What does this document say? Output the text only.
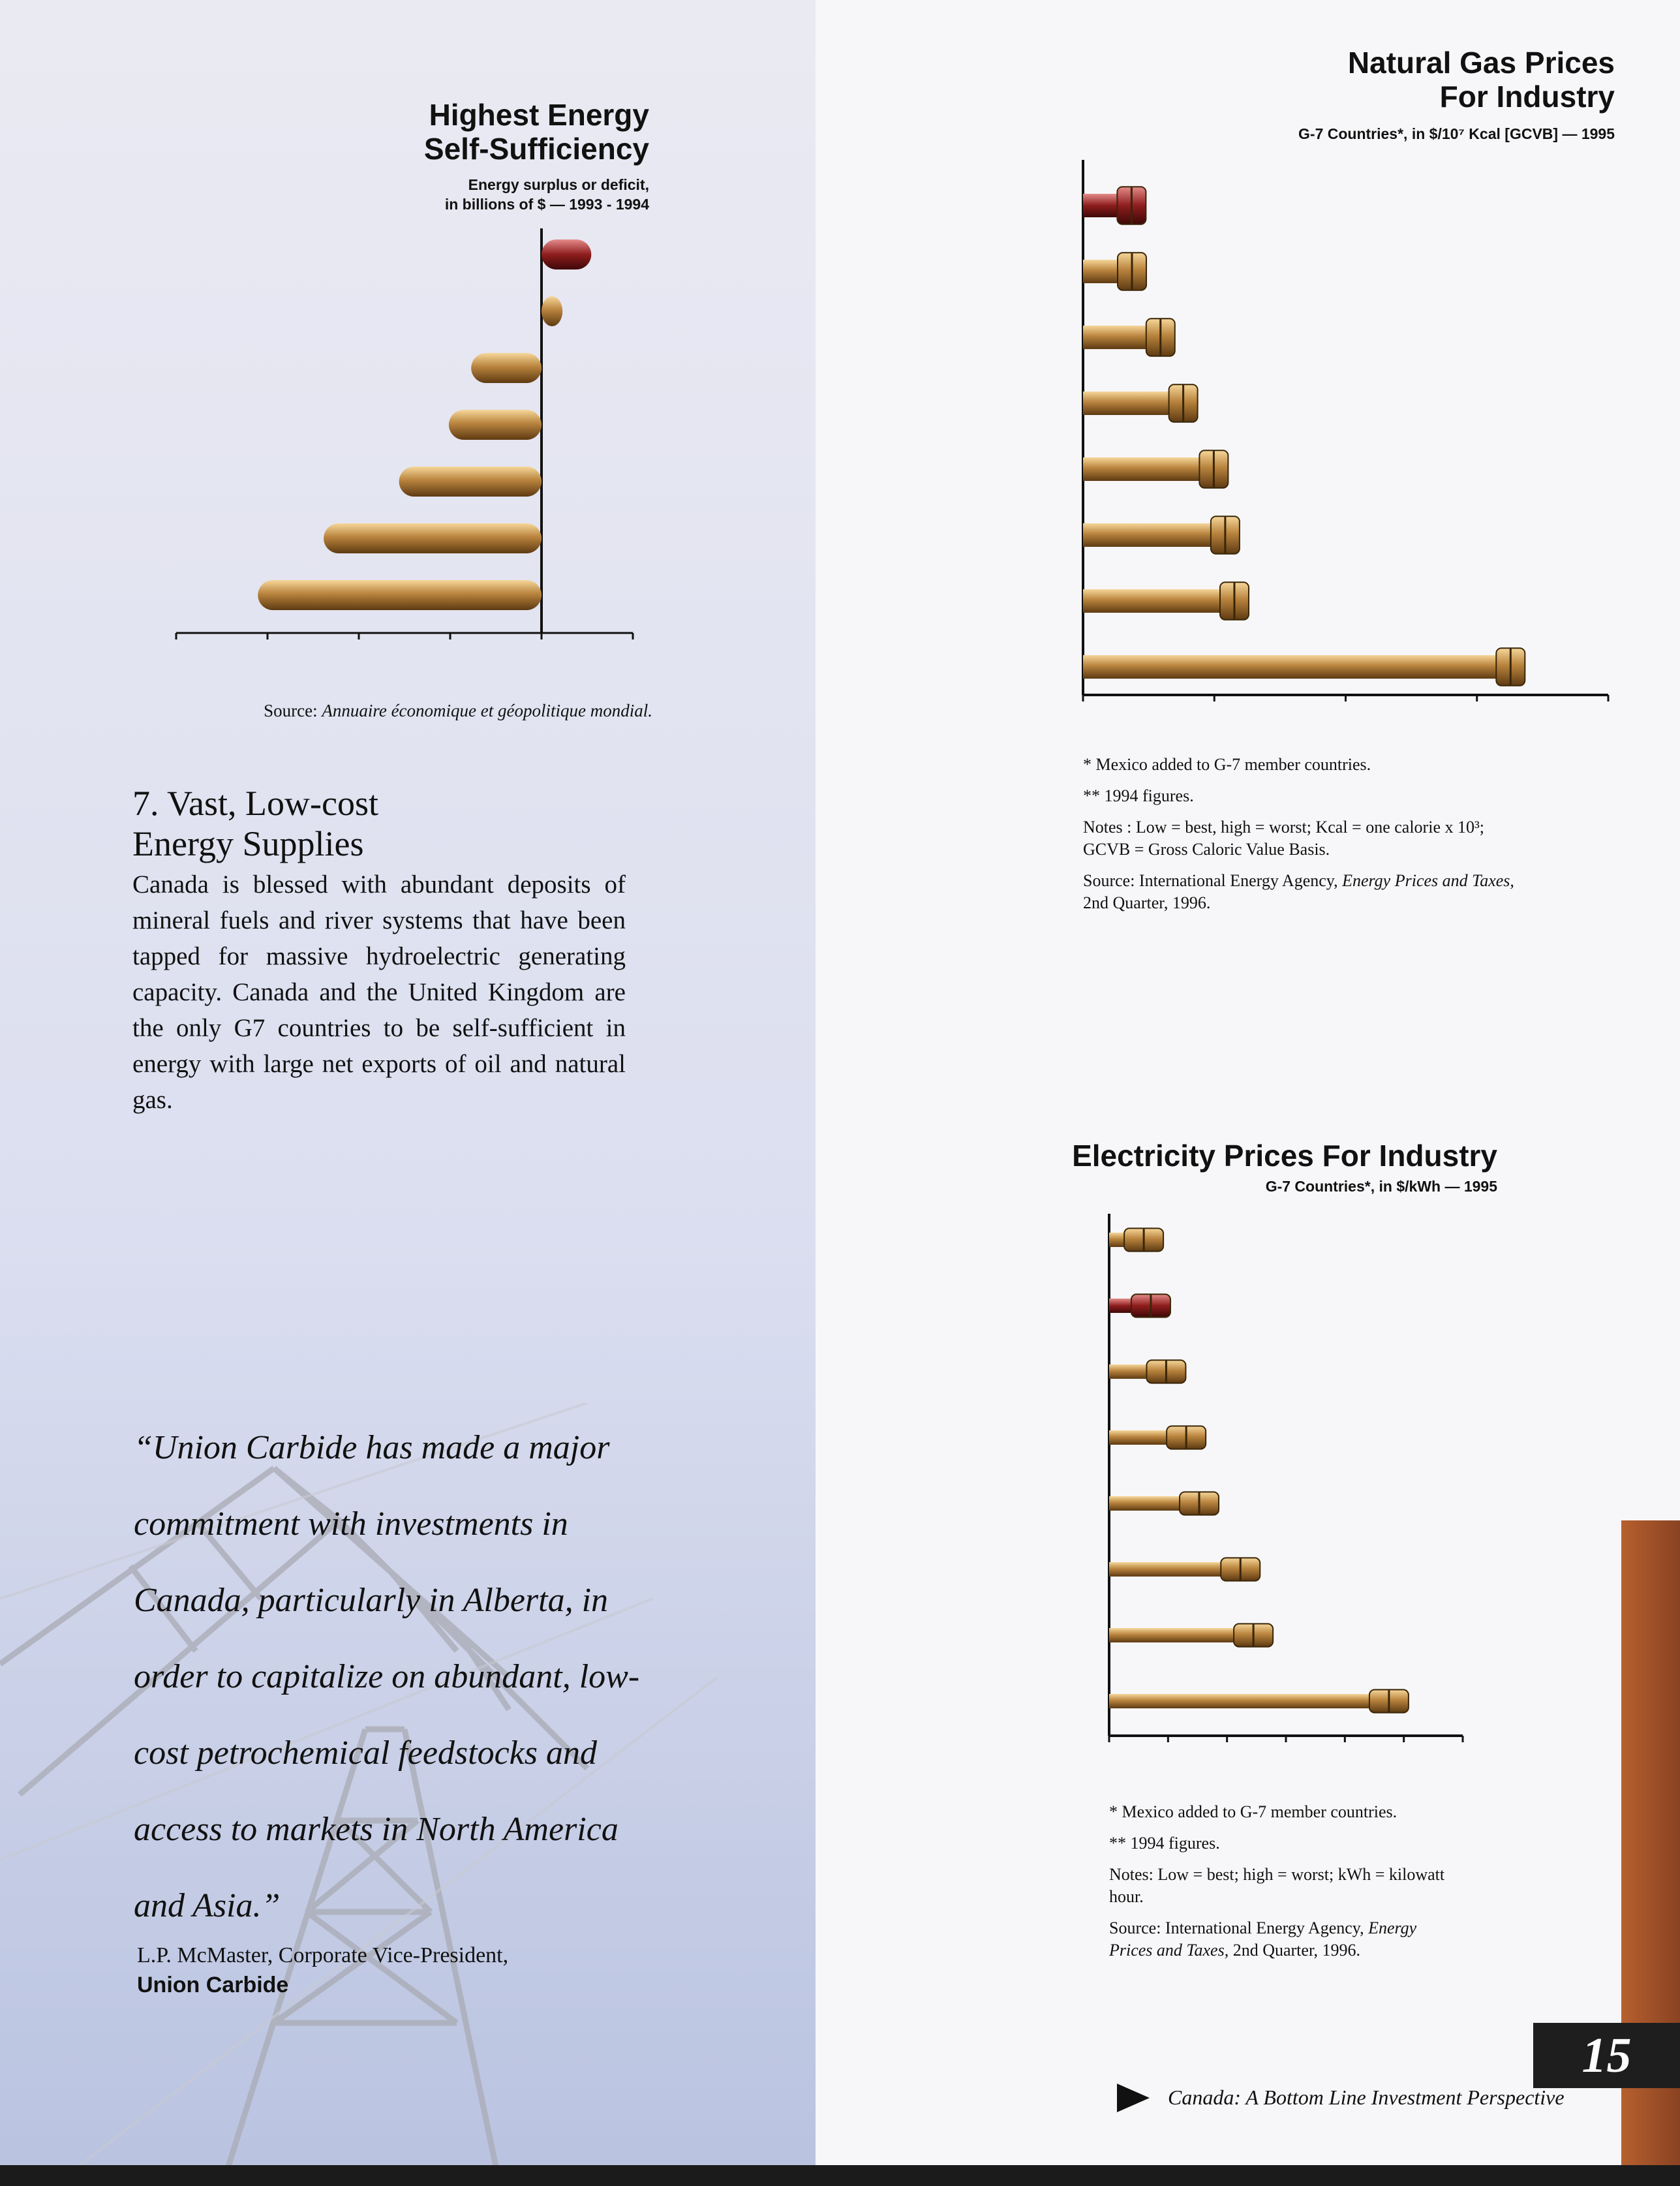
Highest Energy
Self-Sufficiency
Energy surplus or deficit,
in billions of $ — 1993 - 1994
Source: Annuaire économique et géopolitique mondial.
7. Vast, Low-cost
Energy Supplies
Canada is blessed with abundant deposits of mineral fuels and river systems that have been tapped for massive hydroelectric generating capacity. Canada and the United Kingdom are the only G7 countries to be self-sufficient in energy with large net exports of oil and natural gas.
“Union Carbide has made a major commitment with investments in Canada, particularly in Alberta, in order to capitalize on abundant, low-cost petrochemical feedstocks and access to markets in North America and Asia.”
L.P. McMaster, Corporate Vice-President,
Union Carbide
Natural Gas Prices
For Industry
G-7 Countries*, in $/10⁷ Kcal [GCVB] — 1995
* Mexico added to G-7 member countries.
** 1994 figures.
Notes : Low = best, high = worst; Kcal = one calorie x 10³;
GCVB = Gross Caloric Value Basis.
Source: International Energy Agency, Energy Prices and Taxes,
2nd Quarter, 1996.
Electricity Prices For Industry
G-7 Countries*, in $/kWh — 1995
* Mexico added to G-7 member countries.
** 1994 figures.
Notes: Low = best; high = worst; kWh = kilowatt
hour.
Source: International Energy Agency, Energy
Prices and Taxes, 2nd Quarter, 1996.
15
Canada: A Bottom Line Investment Perspective
